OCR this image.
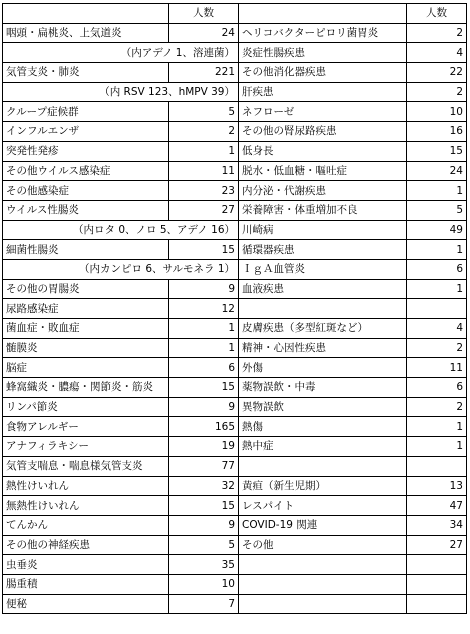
	人数		人数
咽頭・扁桃炎、上気道炎	24	ヘリコバクターピロリ菌胃炎	2
（内アデノ 1、溶連菌）		炎症性腸疾患	4
気管支炎・肺炎	221	その他消化器疾患	22
（内 RSV 123、hMPV 39）		肝疾患	2
クループ症候群	5	ネフローゼ	10
インフルエンザ	2	その他の腎尿路疾患	16
突発性発疹	1	低身長	15
その他ウイルス感染症	11	脱水・低血糖・嘔吐症	24
その他感染症	23	内分泌・代謝疾患	1
ウイルス性腸炎	27	栄養障害・体重増加不良	5
（内ロタ 0、ノロ 5、アデノ 16）		川崎病	49
細菌性腸炎	15	循環器疾患	1
（内カンピロ 6、サルモネラ 1）		ＩｇＡ血管炎	6
その他の胃腸炎	9	血液疾患	1
尿路感染症	12		
菌血症・敗血症	1	皮膚疾患（多型紅斑など）	4
髄膜炎	1	精神・心因性疾患	2
脳症	6	外傷	11
蜂窩織炎・膿瘍・関節炎・筋炎	15	薬物誤飲・中毒	6
リンパ節炎	9	異物誤飲	2
食物アレルギー	165	熱傷	1
アナフィラキシー	19	熱中症	1
気管支喘息・喘息様気管支炎	77		
熱性けいれん	32	黄疸（新生児期）	13
無熱性けいれん	15	レスパイト	47
てんかん	9	COVID-19 関連	34
その他の神経疾患	5	その他	27
虫垂炎	35		
腸重積	10		
便秘	7		
